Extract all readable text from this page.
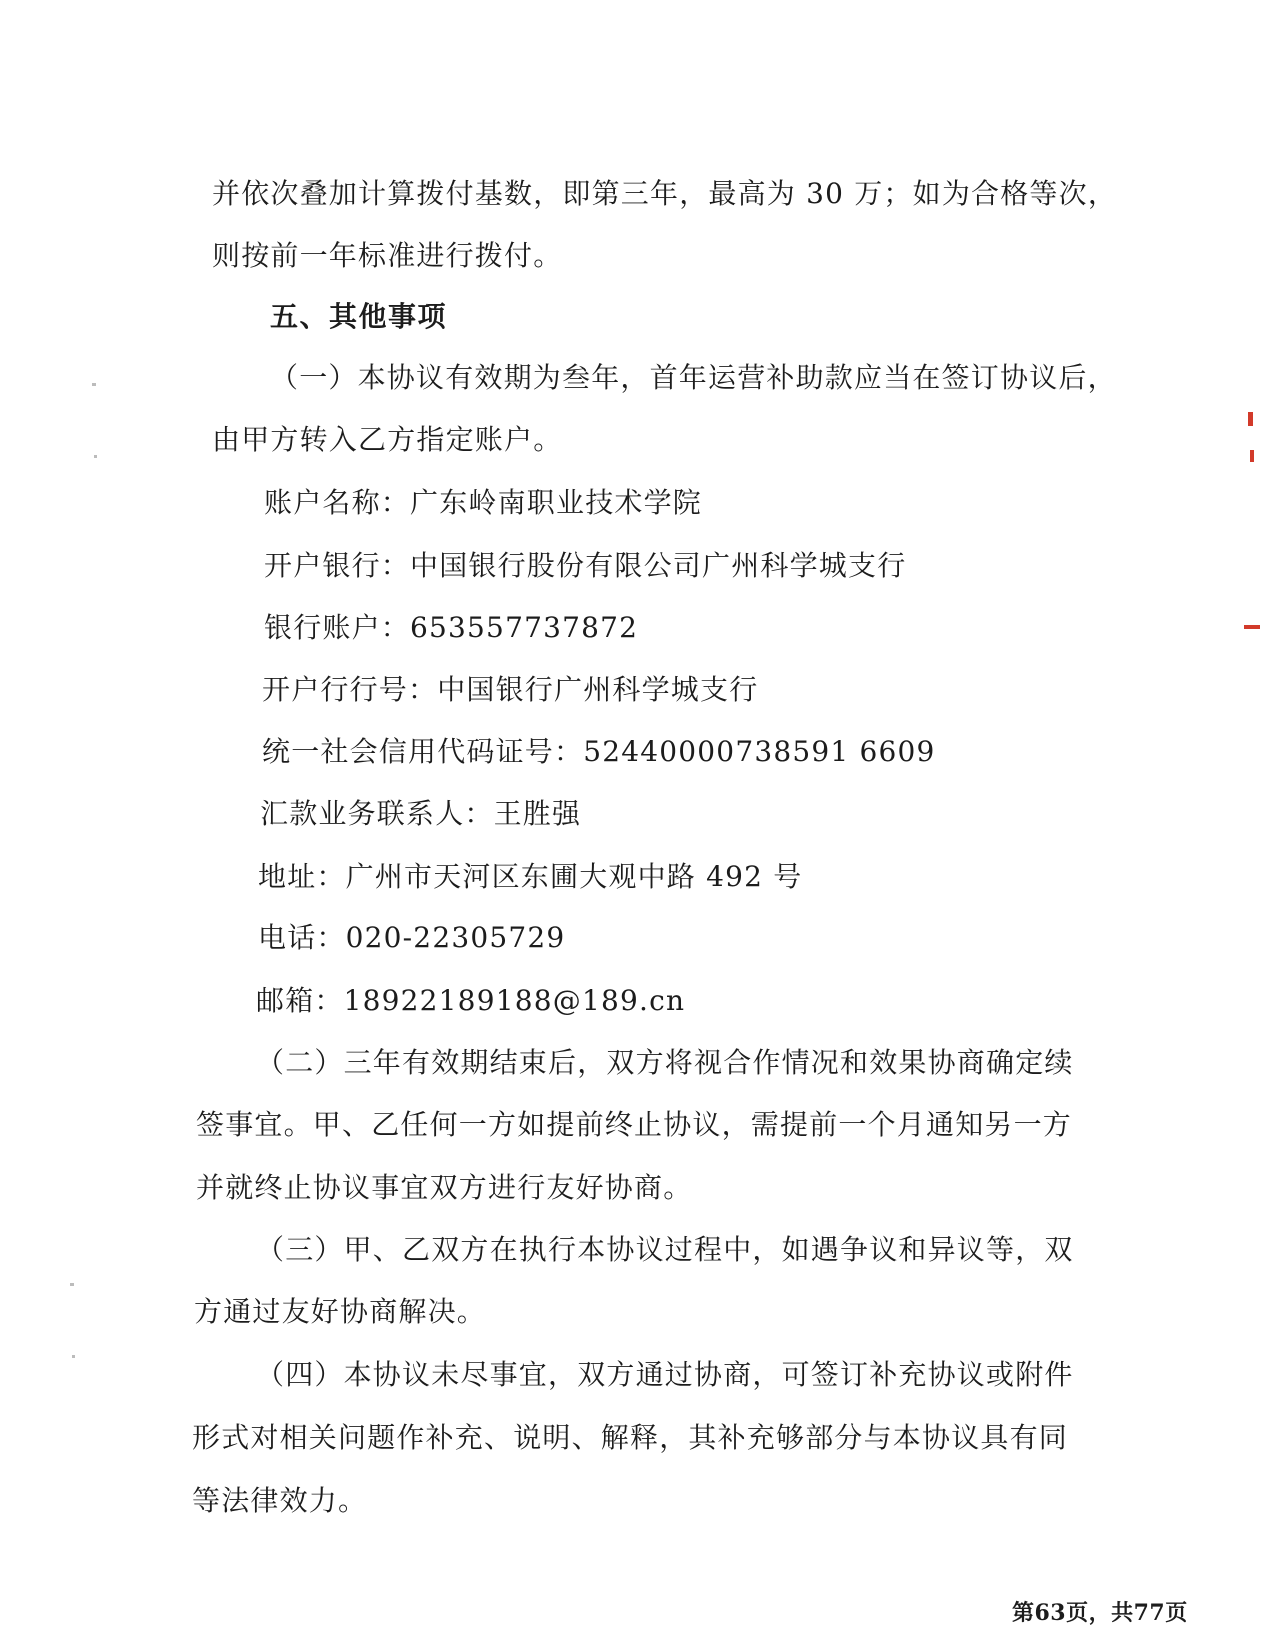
并依次叠加计算拨付基数，即第三年，最高为 30 万；如为合格等次，
则按前一年标准进行拨付。
五、其他事项
（一）本协议有效期为叁年，首年运营补助款应当在签订协议后，
由甲方转入乙方指定账户。
账户名称：广东岭南职业技术学院
开户银行：中国银行股份有限公司广州科学城支行
银行账户：653557737872
开户行行号：中国银行广州科学城支行
统一社会信用代码证号：52440000738591 6609
汇款业务联系人：王胜强
地址：广州市天河区东圃大观中路 492 号
电话：020-22305729
邮箱：18922189188@189.cn
（二）三年有效期结束后，双方将视合作情况和效果协商确定续
签事宜。甲、乙任何一方如提前终止协议，需提前一个月通知另一方
并就终止协议事宜双方进行友好协商。
（三）甲、乙双方在执行本协议过程中，如遇争议和异议等，双
方通过友好协商解决。
（四）本协议未尽事宜，双方通过协商，可签订补充协议或附件
形式对相关问题作补充、说明、解释，其补充够部分与本协议具有同
等法律效力。
第63页，共77页
